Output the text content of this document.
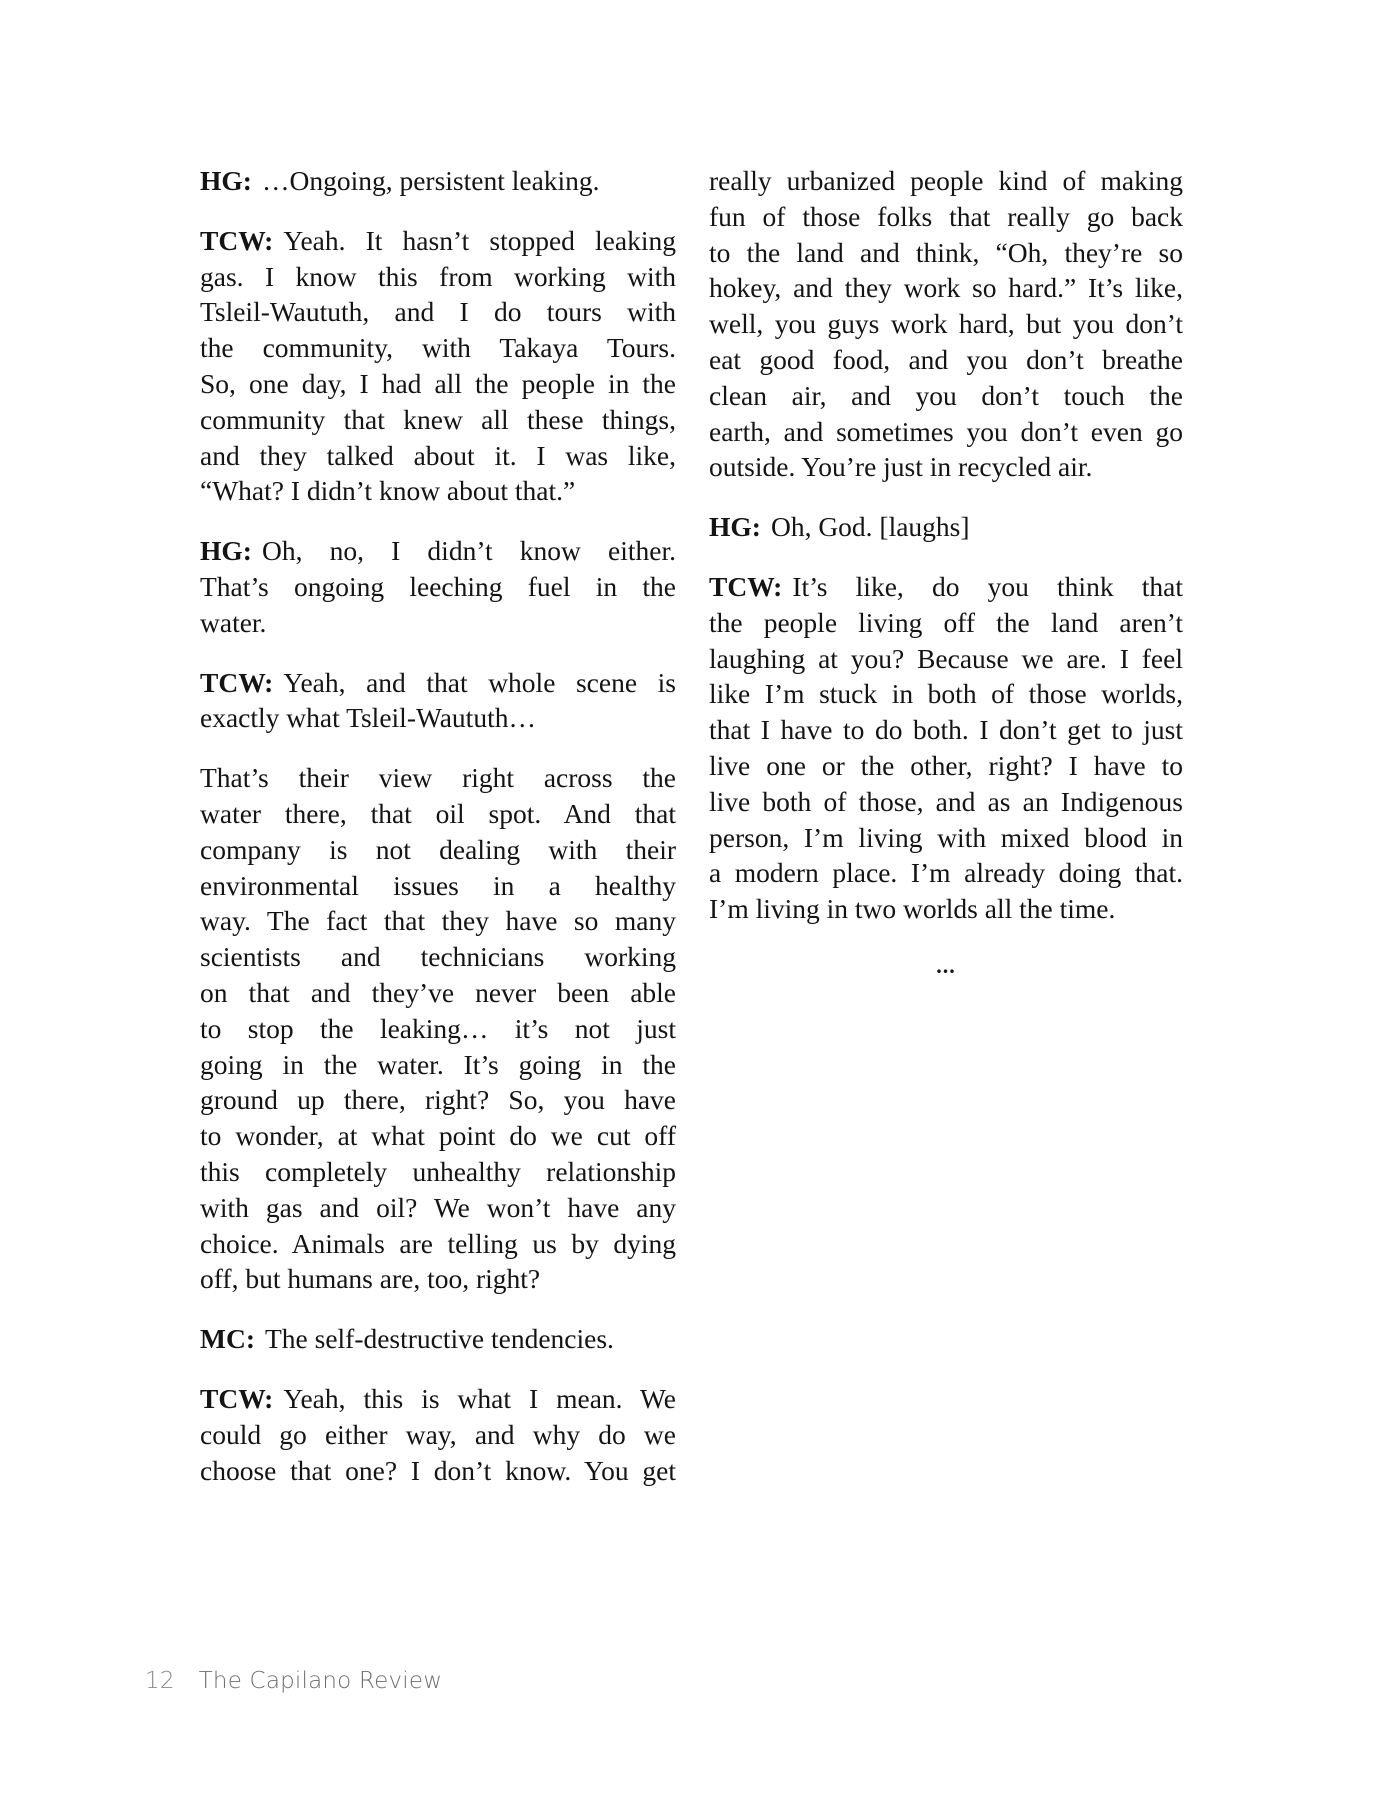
HG: …Ongoing, persistent leaking.

TCW: Yeah. It hasn’t stopped leaking
gas. I know this from working with
Tsleil-Waututh, and I do tours with
the community, with Takaya Tours.
So, one day, I had all the people in the
community that knew all these things,
and they talked about it. I was like,
“What? I didn’t know about that.”

HG: Oh, no, I didn’t know either.
That’s ongoing leeching fuel in the
water.

TCW: Yeah, and that whole scene is
exactly what Tsleil-Waututh…

That’s their view right across the
water there, that oil spot. And that
company is not dealing with their
environmental issues in a healthy
way. The fact that they have so many
scientists and technicians working
on that and they’ve never been able
to stop the leaking… it’s not just
going in the water. It’s going in the
ground up there, right? So, you have
to wonder, at what point do we cut off
this completely unhealthy relationship
with gas and oil? We won’t have any
choice. Animals are telling us by dying
off, but humans are, too, right?

MC: The self-destructive tendencies.

TCW: Yeah, this is what I mean. We
could go either way, and why do we
choose that one? I don’t know. You get

really urbanized people kind of making
fun of those folks that really go back
to the land and think, “Oh, they’re so
hokey, and they work so hard.” It’s like,
well, you guys work hard, but you don’t
eat good food, and you don’t breathe
clean air, and you don’t touch the
earth, and sometimes you don’t even go
outside. You’re just in recycled air.

HG: Oh, God. [laughs]

TCW: It’s like, do you think that
the people living off the land aren’t
laughing at you? Because we are. I feel
like I’m stuck in both of those worlds,
that I have to do both. I don’t get to just
live one or the other, right? I have to
live both of those, and as an Indigenous
person, I’m living with mixed blood in
a modern place. I’m already doing that.
I’m living in two worlds all the time.

...
12 The Capilano Review
